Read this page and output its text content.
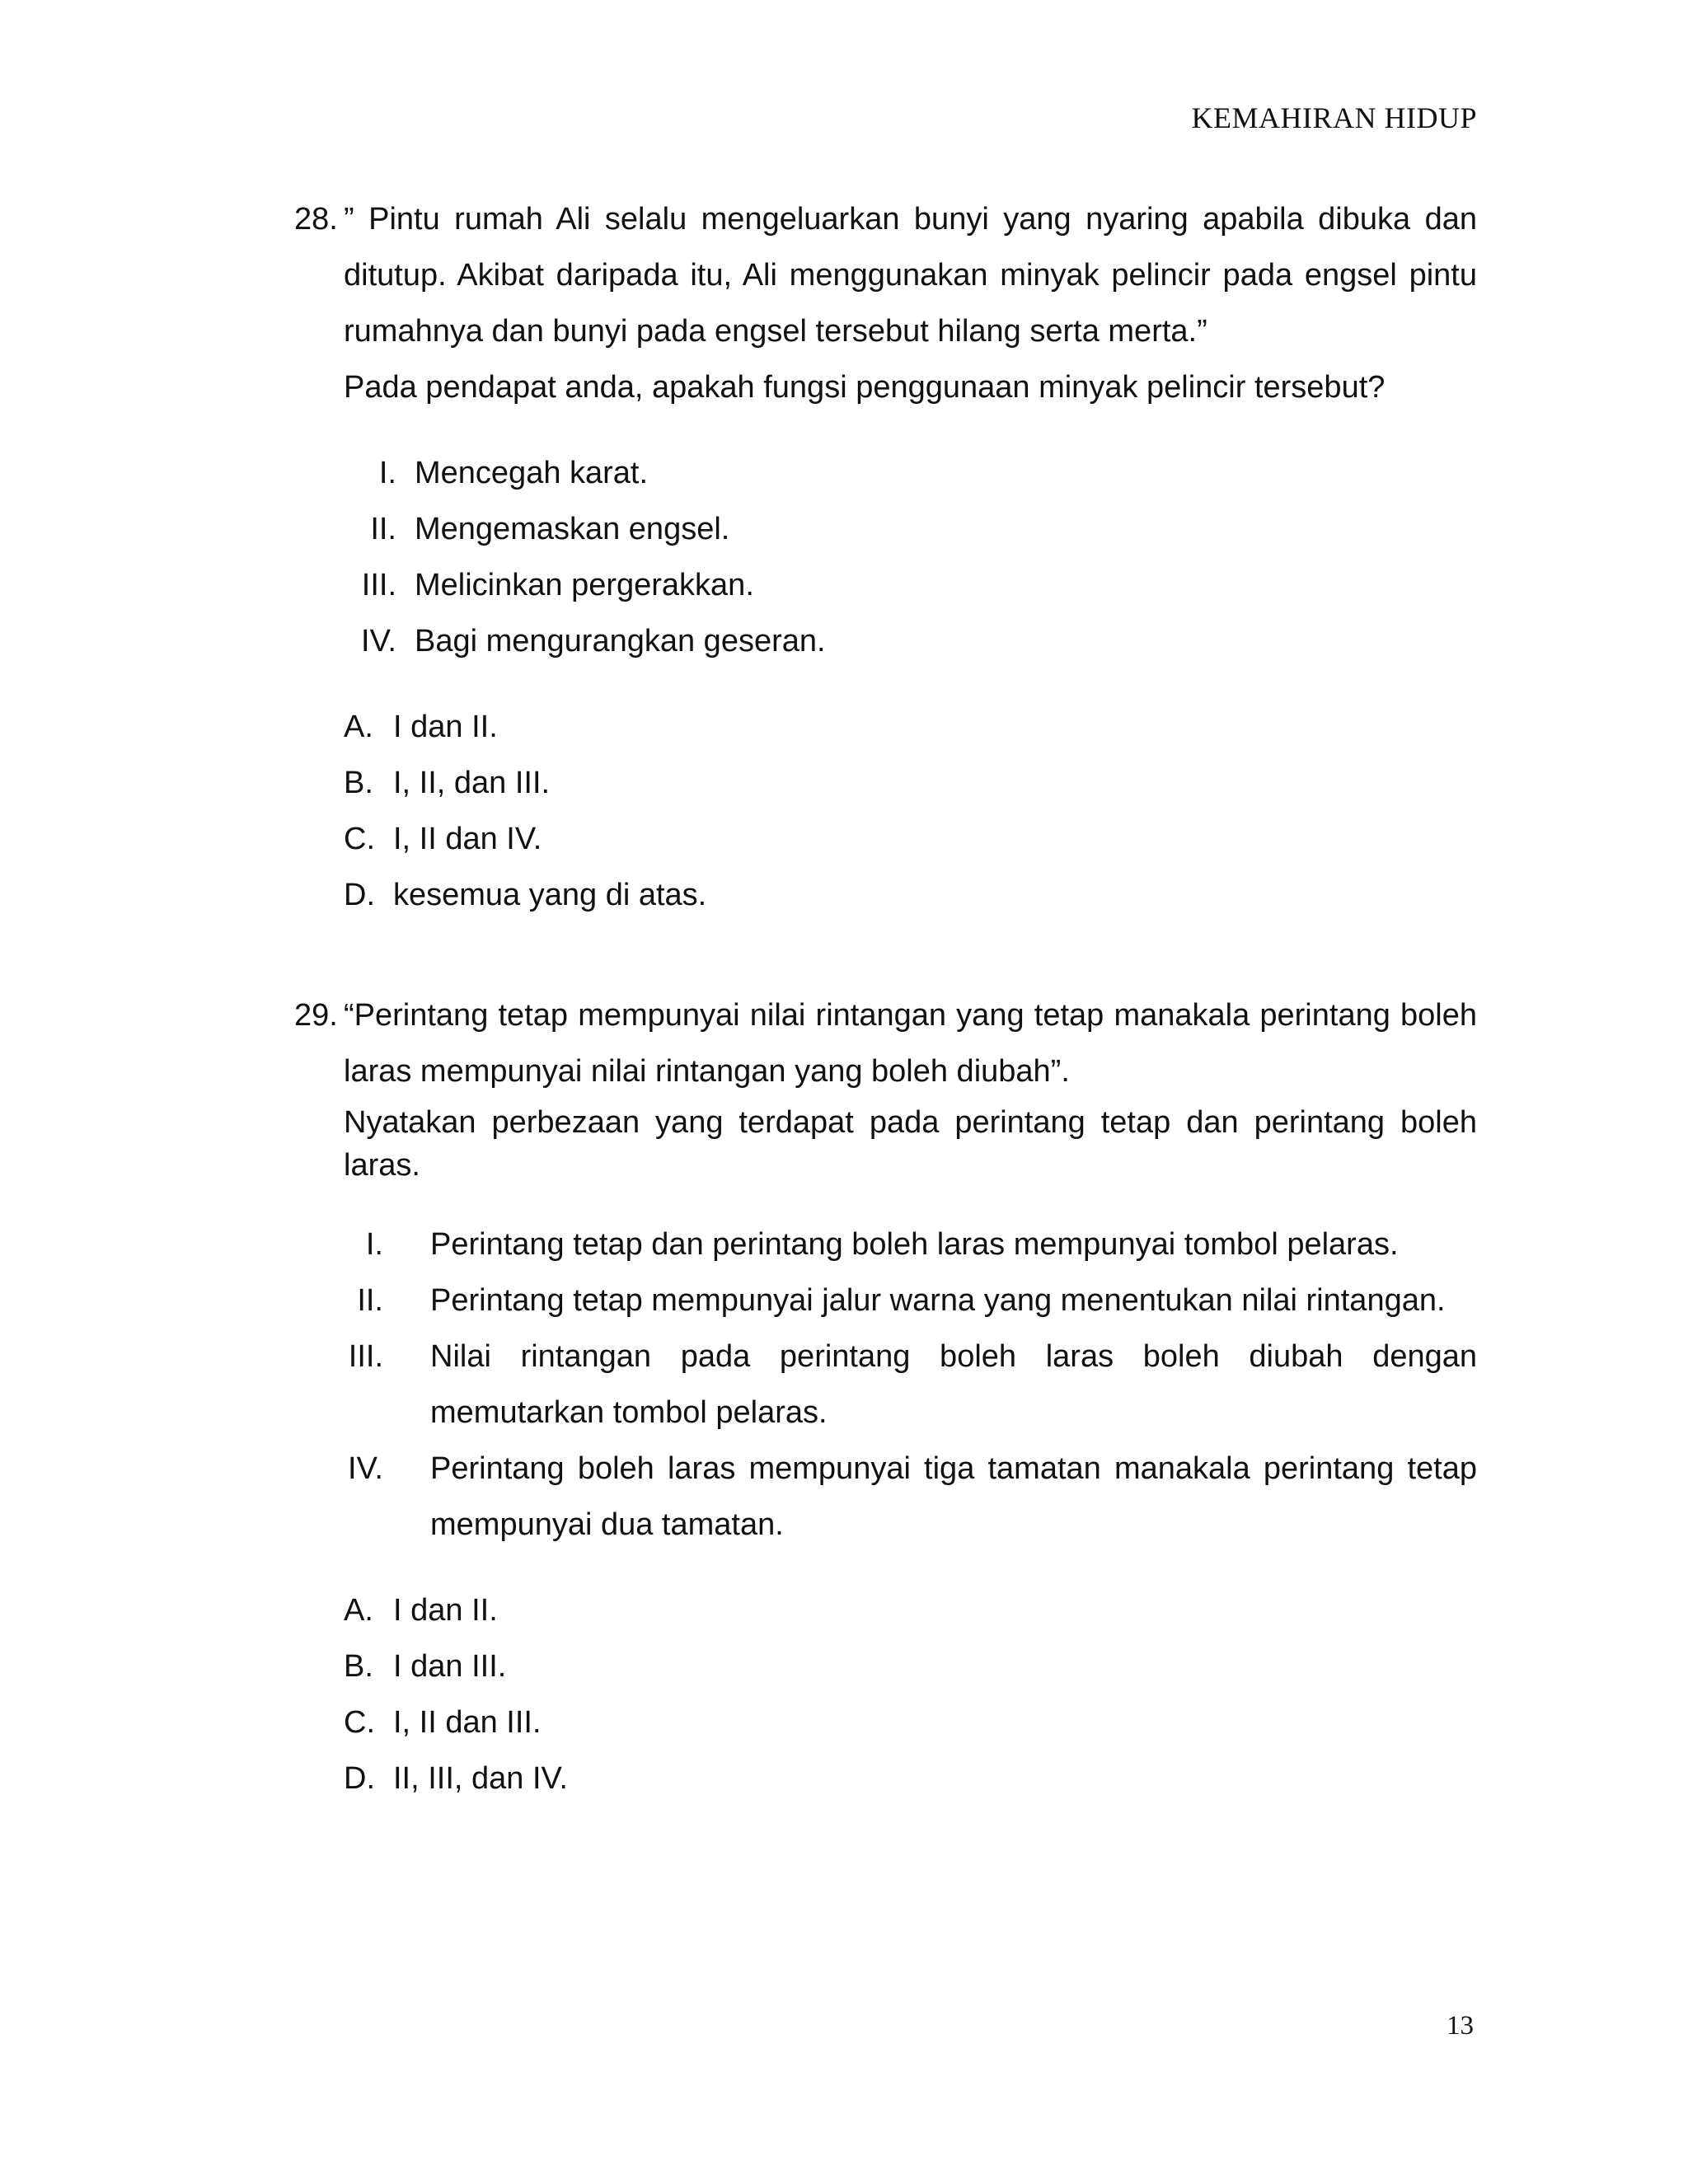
KEMAHIRAN HIDUP
28. ” Pintu rumah Ali selalu mengeluarkan bunyi yang nyaring apabila dibuka dan ditutup. Akibat daripada itu, Ali menggunakan minyak pelincir pada engsel pintu rumahnya dan bunyi pada engsel tersebut hilang serta merta.”
Pada pendapat anda, apakah fungsi penggunaan minyak pelincir tersebut?
I. Mencegah karat.
II. Mengemaskan engsel.
III. Melicinkan pergerakkan.
IV. Bagi mengurangkan geseran.
A. I dan II.
B. I, II, dan III.
C. I, II dan IV.
D. kesemua yang di atas.
29. “Perintang tetap mempunyai nilai rintangan yang tetap manakala perintang boleh laras mempunyai nilai rintangan yang boleh diubah”.
Nyatakan perbezaan yang terdapat pada perintang tetap dan perintang boleh laras.
I.	Perintang tetap dan perintang boleh laras mempunyai tombol pelaras.
II.	Perintang tetap mempunyai jalur warna yang menentukan nilai rintangan.
III.	Nilai rintangan pada perintang boleh laras boleh diubah dengan memutarkan tombol pelaras.
IV.	Perintang boleh laras mempunyai tiga tamatan manakala perintang tetap mempunyai dua tamatan.
A. I dan II.
B. I dan III.
C. I, II dan III.
D. II, III, dan IV.
13
